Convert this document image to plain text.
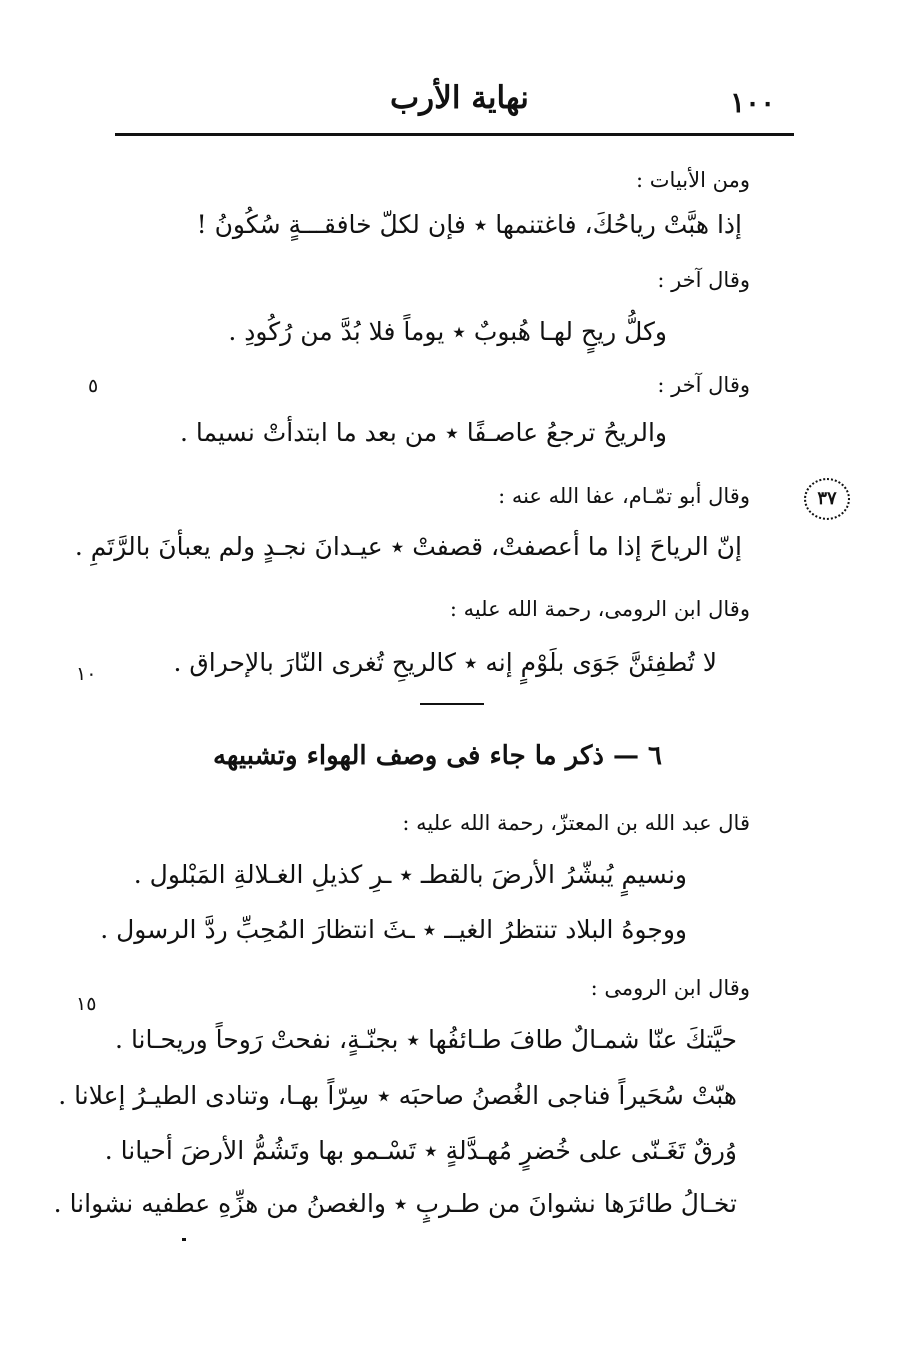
١٠٠
نهاية الأرب
٥
١٠
١٥
٣٧
ومن الأبيات :
إذا هبَّتْ رياحُكَ، فاغتنمها ٭ فإن لكلّ خافقـــةٍ سُكُونُ !
وقال آخر :
وكلُّ ريحٍ لهـا هُبوبٌ ٭ يوماً فلا بُدَّ من رُكُودِ .
وقال آخر :
والريحُ ترجعُ عاصـفًا ٭ من بعد ما ابتدأتْ نسيما .
وقال أبو تمّـام، عفا الله عنه :
إنّ الرياحَ إذا ما أعصفتْ، قصفتْ ٭ عيـدانَ نجـدٍ ولم يعبأنَ بالرَّتَمِ .
وقال ابن الرومى، رحمة الله عليه :
لا تُطفِئنَّ جَوَى بلَوْمٍ إنه ٭ كالريحِ تُغرى النّارَ بالإحراق .
٦ — ذكر ما جاء فى وصف الهواء وتشبيهه
قال عبد الله بن المعتزّ، رحمة الله عليه :
ونسيمٍ يُبشّرُ الأرضَ بالقطـ ٭ ـرِ كذيلِ الغـلالةِ المَبْلول .
ووجوهُ البلاد تنتظرُ الغيــ ٭ ـثَ انتظارَ المُحِبِّ ردَّ الرسول .
وقال ابن الرومى :
حيَّتكَ عنّا شمـالٌ طافَ طـائفُها ٭ بجنّـةٍ، نفحتْ رَوحاً وريحـانا .
هبّتْ سُحَيراً فناجى الغُصنُ صاحبَه ٭ سِرّاً بهـا، وتنادى الطيـرُ إعلانا .
وُرقٌ تَغَـنّى على خُضرٍ مُهـدَّلةٍ ٭ تَسْـمو بها وتَشُمُّ الأرضَ أحيانا .
تخـالُ طائرَها نشوانَ من طـربٍ ٭ والغصنُ من هزِّهِ عطفيه نشوانا .
